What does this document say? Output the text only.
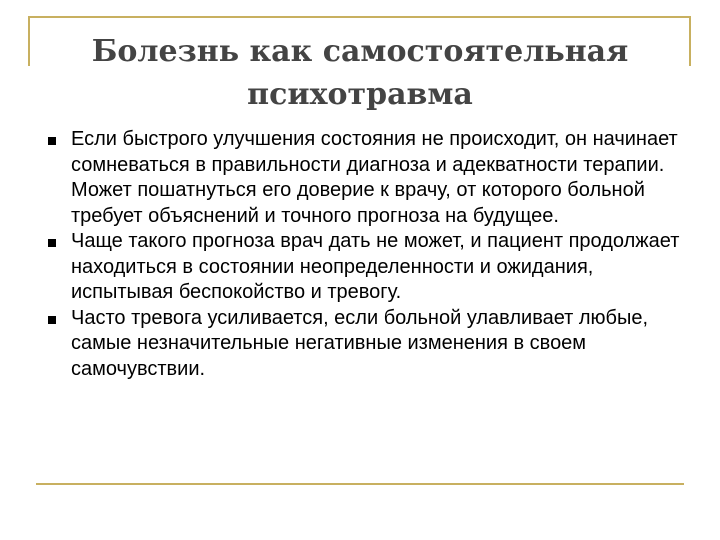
Болезнь как самостоятельная
психотравма
Если быстрого улучшения состояния не происходит, он начинает сомневаться в правильности диагноза и адекватности терапии. Может пошатнуться его доверие к врачу, от которого больной требует объяснений и точного прогноза на будущее.
Чаще такого прогноза врач дать не может, и пациент продолжает находиться в состоянии неопределенности и ожидания, испытывая беспокойство и тревогу.
Часто тревога усиливается, если больной улавливает любые, самые незначительные негативные изменения в своем самочувствии.
